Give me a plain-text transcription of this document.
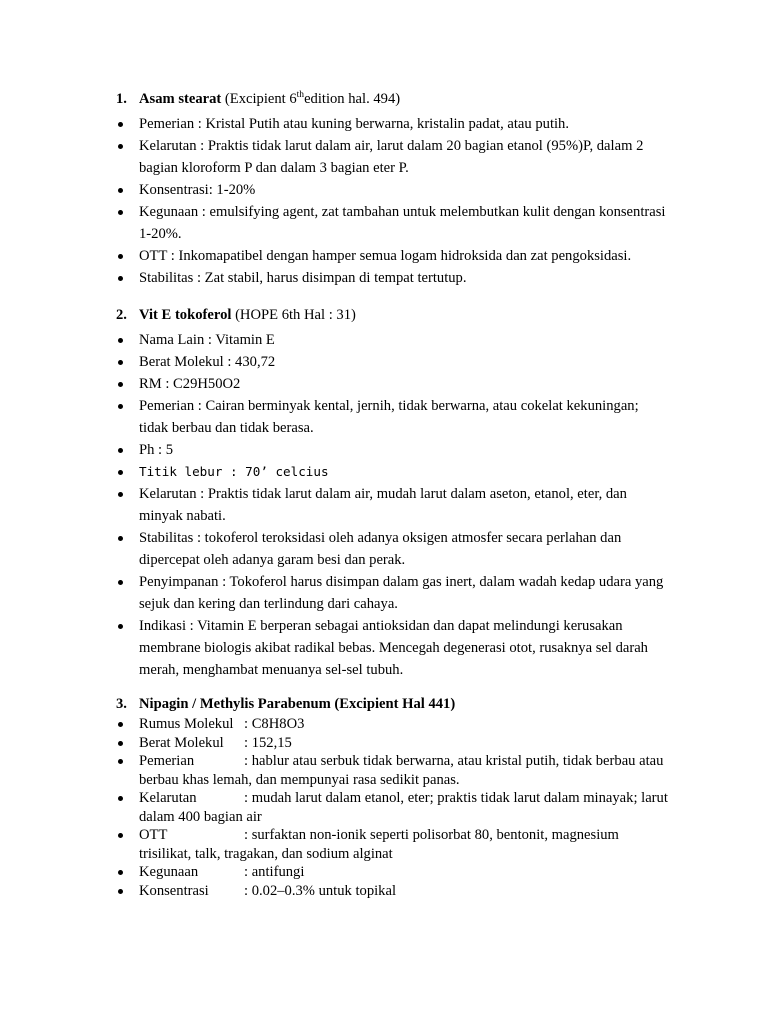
1. Asam stearat (Excipient 6thedition hal. 494)
Pemerian : Kristal Putih atau kuning berwarna, kristalin padat, atau putih.
Kelarutan : Praktis tidak larut dalam air, larut dalam 20 bagian etanol (95%)P, dalam 2 bagian kloroform P dan dalam 3 bagian eter P.
Konsentrasi: 1-20%
Kegunaan : emulsifying agent, zat tambahan untuk melembutkan kulit dengan konsentrasi 1-20%.
OTT : Inkomapatibel dengan hamper semua logam hidroksida dan zat pengoksidasi.
Stabilitas : Zat stabil, harus disimpan di tempat tertutup.
2. Vit E tokoferol (HOPE 6th Hal : 31)
Nama Lain : Vitamin E
Berat Molekul : 430,72
RM : C29H50O2
Pemerian : Cairan berminyak kental, jernih, tidak berwarna, atau cokelat kekuningan; tidak berbau dan tidak berasa.
Ph : 5
Titik lebur : 70’ celcius
Kelarutan : Praktis tidak larut dalam air, mudah larut dalam aseton, etanol, eter, dan minyak nabati.
Stabilitas : tokoferol teroksidasi oleh adanya oksigen atmosfer secara perlahan dan dipercepat oleh adanya garam besi dan perak.
Penyimpanan : Tokoferol harus disimpan dalam gas inert, dalam wadah kedap udara yang sejuk dan kering dan terlindung dari cahaya.
Indikasi : Vitamin E berperan sebagai antioksidan dan dapat melindungi kerusakan membrane biologis akibat radikal bebas. Mencegah degenerasi otot, rusaknya sel darah merah, menghambat menuanya sel-sel tubuh.
3. Nipagin / Methylis Parabenum (Excipient Hal 441)
Rumus Molekul : C8H8O3
Berat Molekul : 152,15
Pemerian	: hablur atau serbuk tidak berwarna, atau kristal putih, tidak berbau atau berbau khas lemah, dan mempunyai rasa sedikit panas.
Kelarutan	: mudah larut dalam etanol, eter; praktis tidak larut dalam minayak; larut dalam 400 bagian air
OTT	: surfaktan non-ionik seperti polisorbat 80, bentonit, magnesium trisilikat, talk, tragakan, dan sodium alginat
Kegunaan	: antifungi
Konsentrasi : 0.02–0.3% untuk topikal
